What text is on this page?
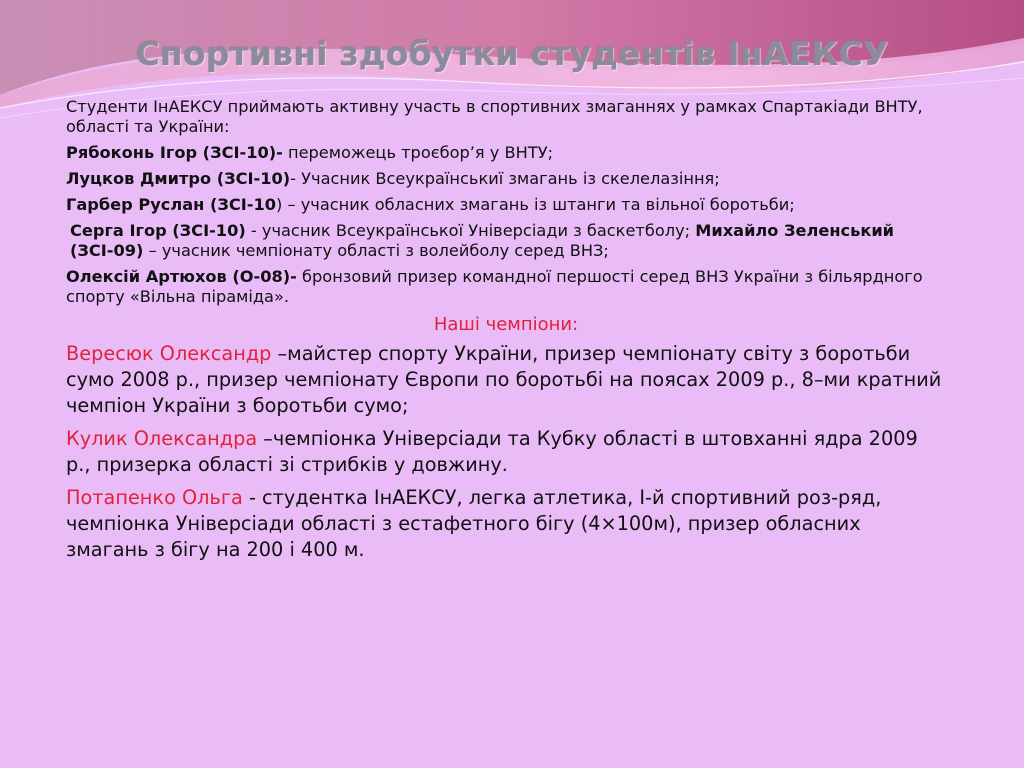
Спортивні здобутки студентів ІнАЕКСУ

Студенти ІнАЕКСУ приймають активну участь в спортивних змаганнях у рамках Спартакіади ВНТУ, області та України:

Рябоконь Ігор (ЗСІ-10)- переможець троєбор’я у ВНТУ;

Луцков Дмитро (ЗСІ-10)- Учасник Всеукраїнськиї змагань із скелелазіння;

Гарбер Руслан (ЗСІ-10) – учасник обласних змагань із штанги та вільної боротьби;

Серга Ігор (ЗСІ-10) - учасник Всеукраїнської Універсіади з баскетболу; Михайло Зеленський (ЗСІ-09) – учасник чемпіонату області з волейболу серед ВНЗ;

Олексій Артюхов (О-08)- бронзовий призер командної першості серед ВНЗ України з більярдного спорту «Вільна піраміда».

Наші чемпіони:

Вересюк Олександр –майстер спорту України, призер чемпіонату світу з боротьби сумо 2008 р., призер чемпіонату Європи по боротьбі на поясах 2009 р., 8–ми кратний чемпіон України з боротьби сумо;

Кулик Олександра –чемпіонка Універсіади та Кубку області в штовханні ядра 2009 р., призерка області зі стрибків у довжину.

Потапенко Ольга - студентка ІнАЕКСУ, легка атлетика, І-й спортивний роз-ряд, чемпіонка Універсіади області з естафетного бігу (4×100м), призер обласних змагань з бігу на 200 і 400 м.
